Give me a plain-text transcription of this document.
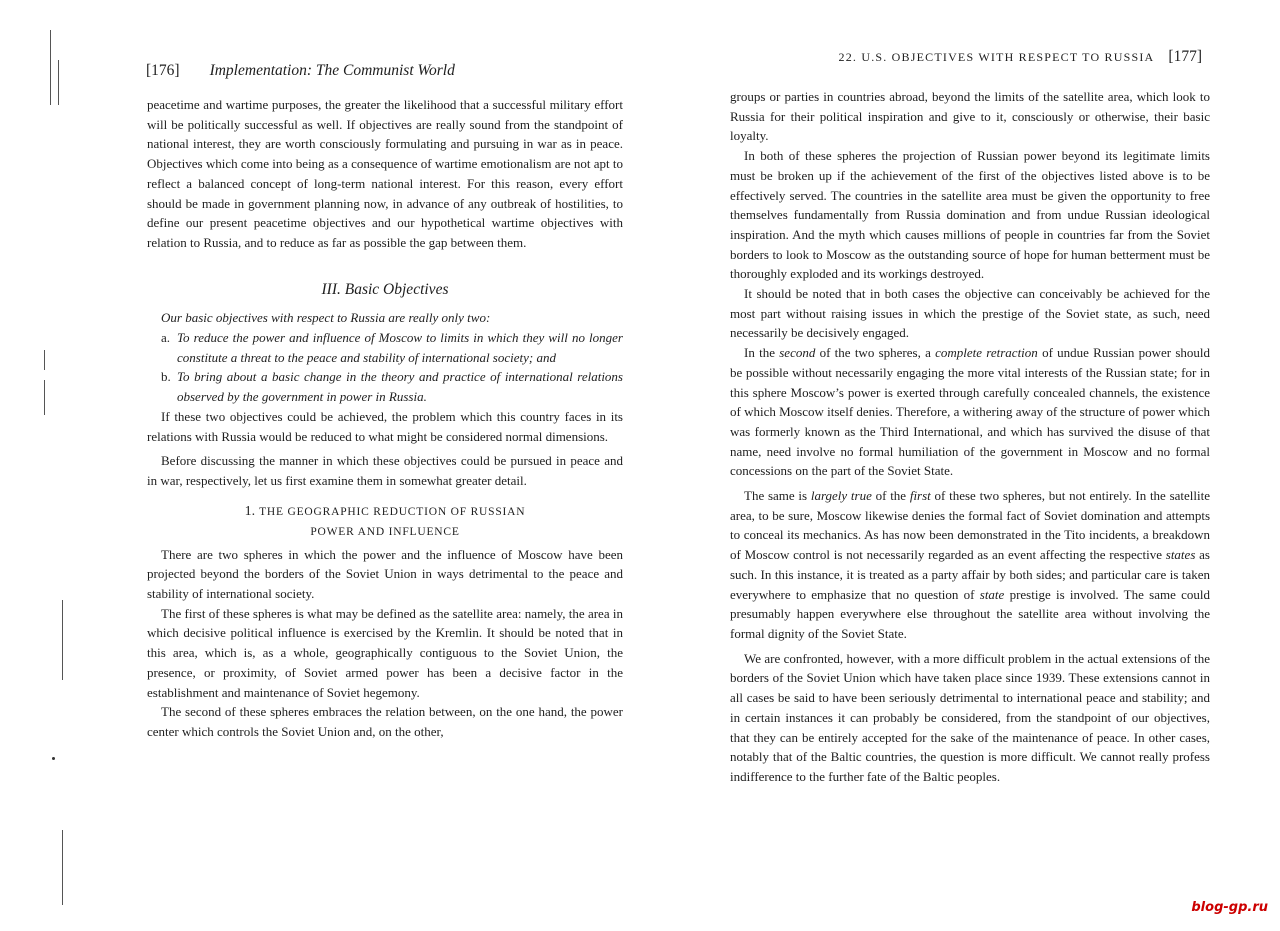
[176] Implementation: The Communist World

peacetime and wartime purposes, the greater the likelihood that a successful military effort will be politically successful as well. If objectives are really sound from the standpoint of national interest, they are worth consciously formulating and pursuing in war as in peace. Objectives which come into being as a consequence of wartime emotionalism are not apt to reflect a balanced concept of long-term national interest. For this reason, every effort should be made in government planning now, in advance of any outbreak of hostilities, to define our present peacetime objectives and our hypothetical wartime objectives with relation to Russia, and to reduce as far as possible the gap between them.

III. Basic Objectives

Our basic objectives with respect to Russia are really only two:

a. To reduce the power and influence of Moscow to limits in which they will no longer constitute a threat to the peace and stability of international society; and

b. To bring about a basic change in the theory and practice of international relations observed by the government in power in Russia.

If these two objectives could be achieved, the problem which this country faces in its relations with Russia would be reduced to what might be considered normal dimensions.

Before discussing the manner in which these objectives could be pursued in peace and in war, respectively, let us first examine them in somewhat greater detail.

1. THE GEOGRAPHIC REDUCTION OF RUSSIAN
POWER AND INFLUENCE

There are two spheres in which the power and the influence of Moscow have been projected beyond the borders of the Soviet Union in ways detrimental to the peace and stability of international society.

The first of these spheres is what may be defined as the satellite area: namely, the area in which decisive political influence is exercised by the Kremlin. It should be noted that in this area, which is, as a whole, geographically contiguous to the Soviet Union, the presence, or proximity, of Soviet armed power has been a decisive factor in the establishment and maintenance of Soviet hegemony.

The second of these spheres embraces the relation between, on the one hand, the power center which controls the Soviet Union and, on the other,

22. U.S. OBJECTIVES WITH RESPECT TO RUSSIA [177]

groups or parties in countries abroad, beyond the limits of the satellite area, which look to Russia for their political inspiration and give to it, consciously or otherwise, their basic loyalty.

In both of these spheres the projection of Russian power beyond its legitimate limits must be broken up if the achievement of the first of the objectives listed above is to be effectively served. The countries in the satellite area must be given the opportunity to free themselves fundamentally from Russia domination and from undue Russian ideological inspiration. And the myth which causes millions of people in countries far from the Soviet borders to look to Moscow as the outstanding source of hope for human betterment must be thoroughly exploded and its workings destroyed.

It should be noted that in both cases the objective can conceivably be achieved for the most part without raising issues in which the prestige of the Soviet state, as such, need necessarily be decisively engaged.

In the second of the two spheres, a complete retraction of undue Russian power should be possible without necessarily engaging the more vital interests of the Russian state; for in this sphere Moscow’s power is exerted through carefully concealed channels, the existence of which Moscow itself denies. Therefore, a withering away of the structure of power which was formerly known as the Third International, and which has survived the disuse of that name, need involve no formal humiliation of the government in Moscow and no formal concessions on the part of the Soviet State.

The same is largely true of the first of these two spheres, but not entirely. In the satellite area, to be sure, Moscow likewise denies the formal fact of Soviet domination and attempts to conceal its mechanics. As has now been demonstrated in the Tito incidents, a breakdown of Moscow control is not necessarily regarded as an event affecting the respective states as such. In this instance, it is treated as a party affair by both sides; and particular care is taken everywhere to emphasize that no question of state prestige is involved. The same could presumably happen everywhere else throughout the satellite area without involving the formal dignity of the Soviet State.

We are confronted, however, with a more difficult problem in the actual extensions of the borders of the Soviet Union which have taken place since 1939. These extensions cannot in all cases be said to have been seriously detrimental to international peace and stability; and in certain instances it can probably be considered, from the standpoint of our objectives, that they can be entirely accepted for the sake of the maintenance of peace. In other cases, notably that of the Baltic countries, the question is more difficult. We cannot really profess indifference to the further fate of the Baltic peoples.

blog-gp.ru
